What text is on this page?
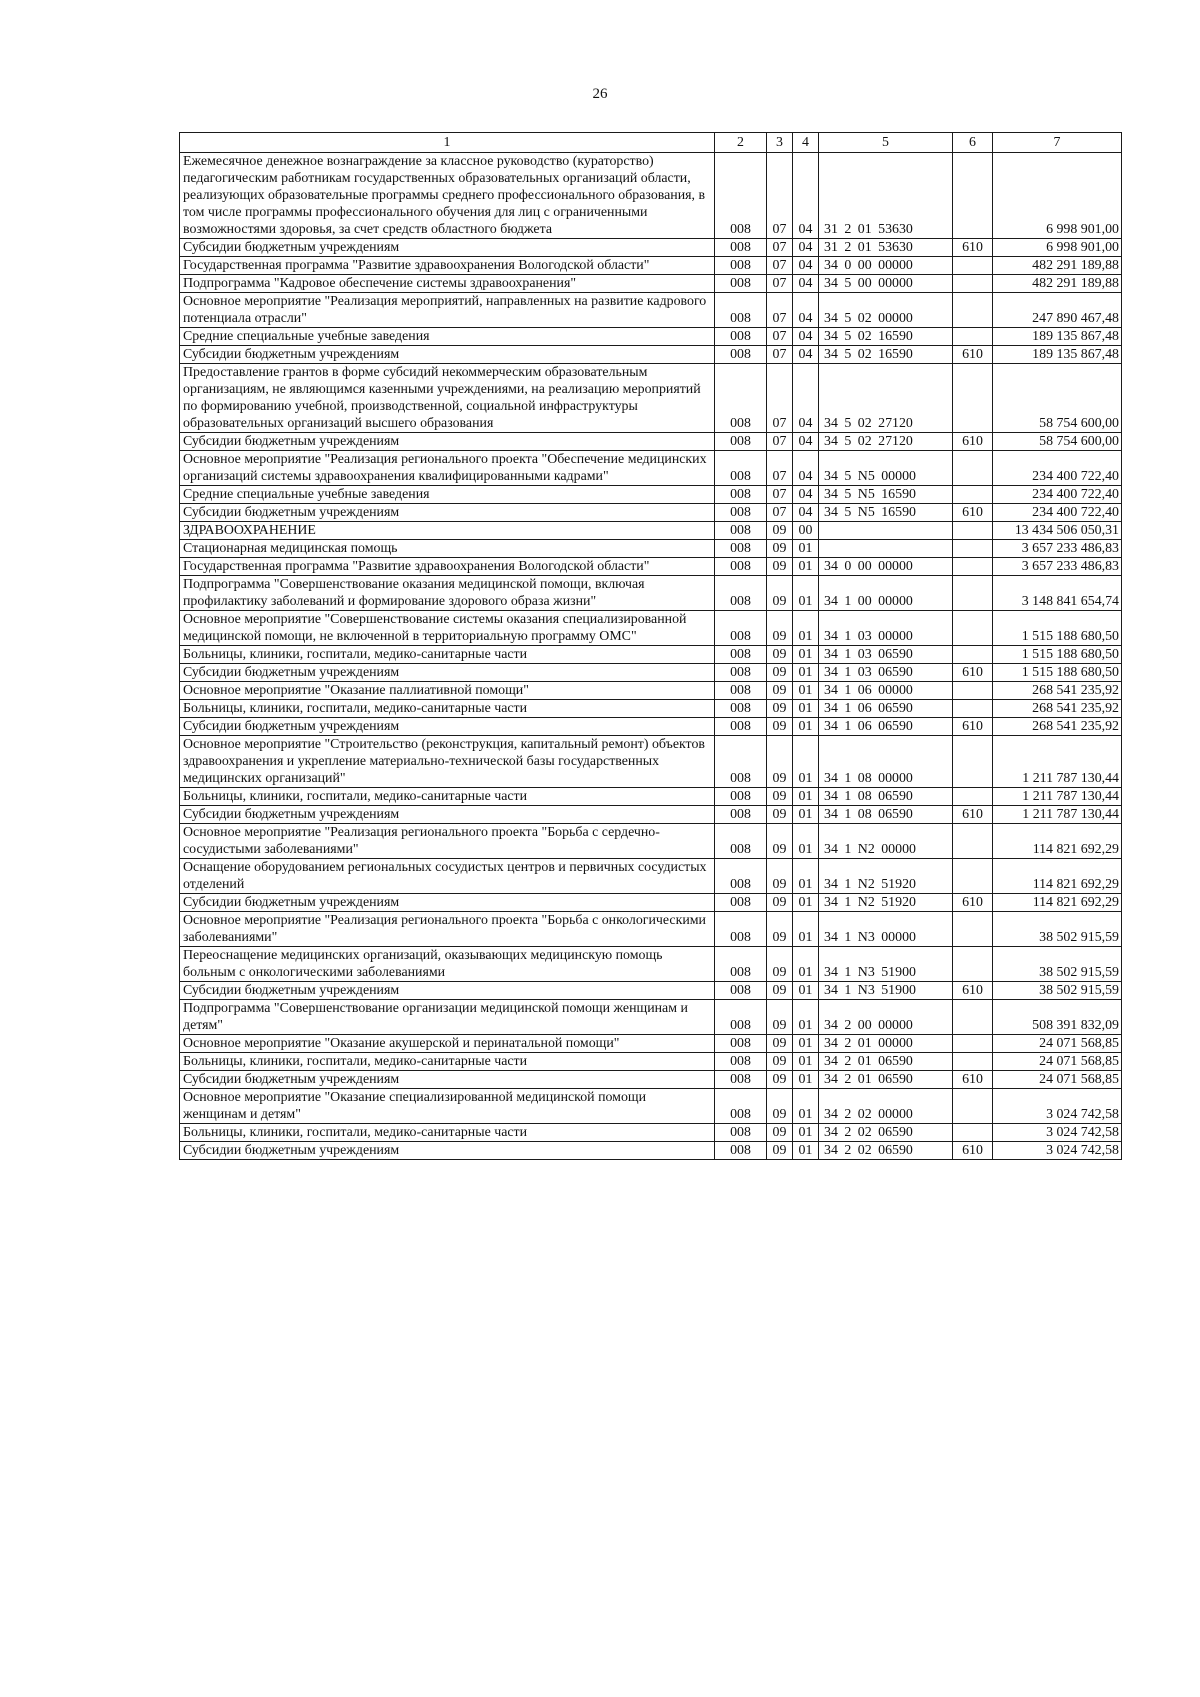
26
1	2	3	4	5	6	7
Ежемесячное денежное вознаграждение за классное руководство (кураторство) педагогическим работникам государственных образовательных организаций области, реализующих образовательные программы среднего профессионального образования, в том числе программы профессионального обучения для лиц с ограниченными возможностями здоровья, за счет средств областного бюджета	008	07	04	31 2 01 53630		6 998 901,00
Субсидии бюджетным учреждениям	008	07	04	31 2 01 53630	610	6 998 901,00
Государственная программа "Развитие здравоохранения Вологодской области"	008	07	04	34 0 00 00000		482 291 189,88
Подпрограмма "Кадровое обеспечение системы здравоохранения"	008	07	04	34 5 00 00000		482 291 189,88
Основное мероприятие "Реализация мероприятий, направленных на развитие кадрового потенциала отрасли"	008	07	04	34 5 02 00000		247 890 467,48
Средние специальные учебные заведения	008	07	04	34 5 02 16590		189 135 867,48
Субсидии бюджетным учреждениям	008	07	04	34 5 02 16590	610	189 135 867,48
Предоставление грантов в форме субсидий некоммерческим образовательным организациям, не являющимся казенными учреждениями, на реализацию мероприятий по формированию учебной, производственной, социальной инфраструктуры образовательных организаций высшего образования	008	07	04	34 5 02 27120		58 754 600,00
Субсидии бюджетным учреждениям	008	07	04	34 5 02 27120	610	58 754 600,00
Основное мероприятие "Реализация регионального проекта "Обеспечение медицинских организаций системы здравоохранения квалифицированными кадрами"	008	07	04	34 5 N5 00000		234 400 722,40
Средние специальные учебные заведения	008	07	04	34 5 N5 16590		234 400 722,40
Субсидии бюджетным учреждениям	008	07	04	34 5 N5 16590	610	234 400 722,40
ЗДРАВООХРАНЕНИЕ	008	09	00			13 434 506 050,31
Стационарная медицинская помощь	008	09	01			3 657 233 486,83
Государственная программа "Развитие здравоохранения Вологодской области"	008	09	01	34 0 00 00000		3 657 233 486,83
Подпрограмма "Совершенствование оказания медицинской помощи, включая профилактику заболеваний и формирование здорового образа жизни"	008	09	01	34 1 00 00000		3 148 841 654,74
Основное мероприятие "Совершенствование системы оказания специализированной медицинской помощи, не включенной в территориальную программу ОМС"	008	09	01	34 1 03 00000		1 515 188 680,50
Больницы, клиники, госпитали, медико-санитарные части	008	09	01	34 1 03 06590		1 515 188 680,50
Субсидии бюджетным учреждениям	008	09	01	34 1 03 06590	610	1 515 188 680,50
Основное мероприятие "Оказание паллиативной помощи"	008	09	01	34 1 06 00000		268 541 235,92
Больницы, клиники, госпитали, медико-санитарные части	008	09	01	34 1 06 06590		268 541 235,92
Субсидии бюджетным учреждениям	008	09	01	34 1 06 06590	610	268 541 235,92
Основное мероприятие "Строительство (реконструкция, капитальный ремонт) объектов здравоохранения и укрепление материально-технической базы государственных медицинских организаций"	008	09	01	34 1 08 00000		1 211 787 130,44
Больницы, клиники, госпитали, медико-санитарные части	008	09	01	34 1 08 06590		1 211 787 130,44
Субсидии бюджетным учреждениям	008	09	01	34 1 08 06590	610	1 211 787 130,44
Основное мероприятие "Реализация регионального проекта "Борьба с сердечно-сосудистыми заболеваниями"	008	09	01	34 1 N2 00000		114 821 692,29
Оснащение оборудованием региональных сосудистых центров и первичных сосудистых отделений	008	09	01	34 1 N2 51920		114 821 692,29
Субсидии бюджетным учреждениям	008	09	01	34 1 N2 51920	610	114 821 692,29
Основное мероприятие "Реализация регионального проекта "Борьба с онкологическими заболеваниями"	008	09	01	34 1 N3 00000		38 502 915,59
Переоснащение медицинских организаций, оказывающих медицинскую помощь больным с онкологическими заболеваниями	008	09	01	34 1 N3 51900		38 502 915,59
Субсидии бюджетным учреждениям	008	09	01	34 1 N3 51900	610	38 502 915,59
Подпрограмма "Совершенствование организации медицинской помощи женщинам и детям"	008	09	01	34 2 00 00000		508 391 832,09
Основное мероприятие "Оказание акушерской и перинатальной помощи"	008	09	01	34 2 01 00000		24 071 568,85
Больницы, клиники, госпитали, медико-санитарные части	008	09	01	34 2 01 06590		24 071 568,85
Субсидии бюджетным учреждениям	008	09	01	34 2 01 06590	610	24 071 568,85
Основное мероприятие "Оказание специализированной медицинской помощи женщинам и детям"	008	09	01	34 2 02 00000		3 024 742,58
Больницы, клиники, госпитали, медико-санитарные части	008	09	01	34 2 02 06590		3 024 742,58
Субсидии бюджетным учреждениям	008	09	01	34 2 02 06590	610	3 024 742,58
